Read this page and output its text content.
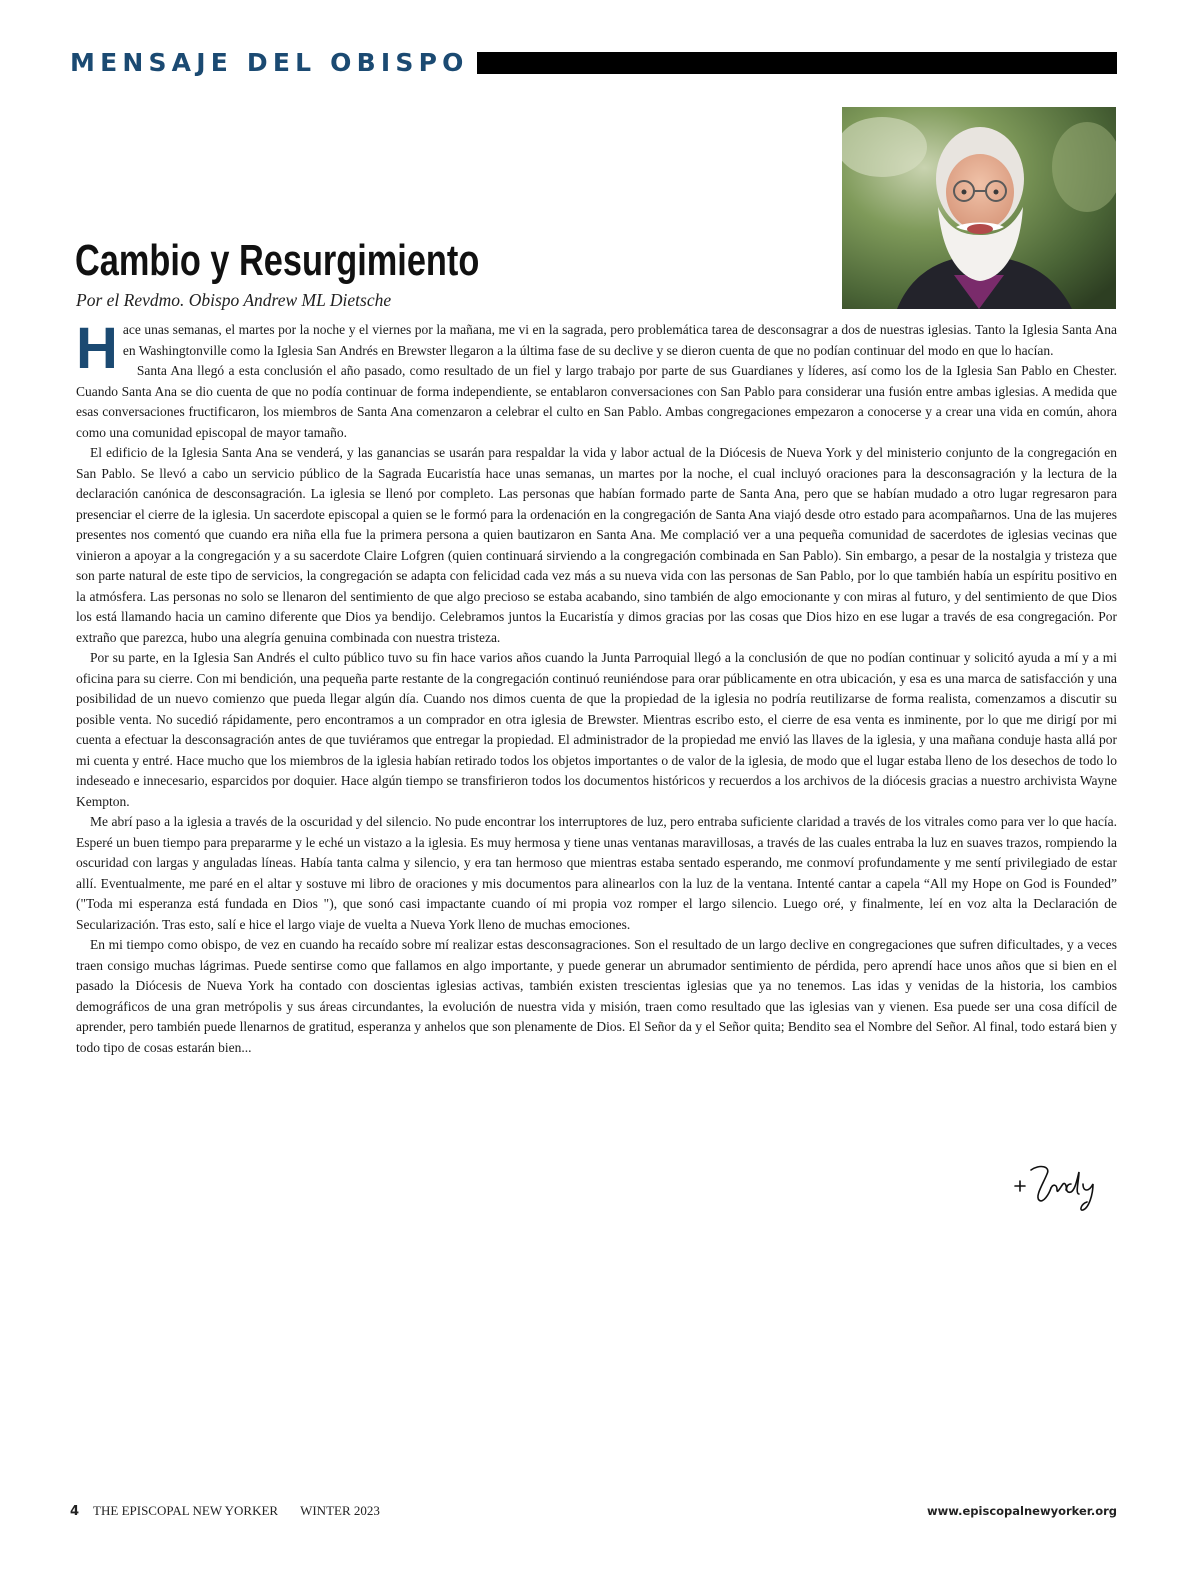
MENSAJE DEL OBISPO
Cambio y Resurgimiento
Por el Revdmo. Obispo Andrew ML Dietsche

Hace unas semanas, el martes por la noche y el viernes por la mañana, me vi en la sagrada, pero problemática tarea de desconsagrar a dos de nuestras iglesias. Tanto la Iglesia Santa Ana en Washingtonville como la Iglesia San Andrés en Brewster llegaron a la última fase de su declive y se dieron cuenta de que no podían continuar del modo en que lo hacían.

Santa Ana llegó a esta conclusión el año pasado, como resultado de un fiel y largo trabajo por parte de sus Guardianes y líderes, así como los de la Iglesia San Pablo en Chester. Cuando Santa Ana se dio cuenta de que no podía continuar de forma independiente, se entablaron conversaciones con San Pablo para considerar una fusión entre ambas iglesias. A medida que esas conversaciones fructificaron, los miembros de Santa Ana comenzaron a celebrar el culto en San Pablo. Ambas congregaciones empezaron a conocerse y a crear una vida en común, ahora como una comunidad episcopal de mayor tamaño.

El edificio de la Iglesia Santa Ana se venderá, y las ganancias se usarán para respaldar la vida y labor actual de la Diócesis de Nueva York y del ministerio conjunto de la congregación en San Pablo. Se llevó a cabo un servicio público de la Sagrada Eucaristía hace unas semanas, un martes por la noche, el cual incluyó oraciones para la desconsagración y la lectura de la declaración canónica de desconsagración. La iglesia se llenó por completo. Las personas que habían formado parte de Santa Ana, pero que se habían mudado a otro lugar regresaron para presenciar el cierre de la iglesia. Un sacerdote episcopal a quien se le formó para la ordenación en la congregación de Santa Ana viajó desde otro estado para acompañarnos. Una de las mujeres presentes nos comentó que cuando era niña ella fue la primera persona a quien bautizaron en Santa Ana. Me complació ver a una pequeña comunidad de sacerdotes de iglesias vecinas que vinieron a apoyar a la congregación y a su sacerdote Claire Lofgren (quien continuará sirviendo a la congregación combinada en San Pablo). Sin embargo, a pesar de la nostalgia y tristeza que son parte natural de este tipo de servicios, la congregación se adapta con felicidad cada vez más a su nueva vida con las personas de San Pablo, por lo que también había un espíritu positivo en la atmósfera. Las personas no solo se llenaron del sentimiento de que algo precioso se estaba acabando, sino también de algo emocionante y con miras al futuro, y del sentimiento de que Dios los está llamando hacia un camino diferente que Dios ya bendijo. Celebramos juntos la Eucaristía y dimos gracias por las cosas que Dios hizo en ese lugar a través de esa congregación. Por extraño que parezca, hubo una alegría genuina combinada con nuestra tristeza.

Por su parte, en la Iglesia San Andrés el culto público tuvo su fin hace varios años cuando la Junta Parroquial llegó a la conclusión de que no podían continuar y solicitó ayuda a mí y a mi oficina para su cierre. Con mi bendición, una pequeña parte restante de la congregación continuó reuniéndose para orar públicamente en otra ubicación, y esa es una marca de satisfacción y una posibilidad de un nuevo comienzo que pueda llegar algún día. Cuando nos dimos cuenta de que la propiedad de la iglesia no podría reutilizarse de forma realista, comenzamos a discutir su posible venta. No sucedió rápidamente, pero encontramos a un comprador en otra iglesia de Brewster. Mientras escribo esto, el cierre de esa venta es inminente, por lo que me dirigí por mi cuenta a efectuar la desconsagración antes de que tuviéramos que entregar la propiedad. El administrador de la propiedad me envió las llaves de la iglesia, y una mañana conduje hasta allá por mi cuenta y entré. Hace mucho que los miembros de la iglesia habían retirado todos los objetos importantes o de valor de la iglesia, de modo que el lugar estaba lleno de los desechos de todo lo indeseado e innecesario, esparcidos por doquier. Hace algún tiempo se transfirieron todos los documentos históricos y recuerdos a los archivos de la diócesis gracias a nuestro archivista Wayne Kempton.

Me abrí paso a la iglesia a través de la oscuridad y del silencio. No pude encontrar los interruptores de luz, pero entraba suficiente claridad a través de los vitrales como para ver lo que hacía. Esperé un buen tiempo para prepararme y le eché un vistazo a la iglesia. Es muy hermosa y tiene unas ventanas maravillosas, a través de las cuales entraba la luz en suaves trazos, rompiendo la oscuridad con largas y anguladas líneas. Había tanta calma y silencio, y era tan hermoso que mientras estaba sentado esperando, me conmoví profundamente y me sentí privilegiado de estar allí. Eventualmente, me paré en el altar y sostuve mi libro de oraciones y mis documentos para alinearlos con la luz de la ventana. Intenté cantar a capela “All my Hope on God is Founded” ("Toda mi esperanza está fundada en Dios "), que sonó casi impactante cuando oí mi propia voz romper el largo silencio. Luego oré, y finalmente, leí en voz alta la Declaración de Secularización. Tras esto, salí e hice el largo viaje de vuelta a Nueva York lleno de muchas emociones.

En mi tiempo como obispo, de vez en cuando ha recaído sobre mí realizar estas desconsagraciones. Son el resultado de un largo declive en congregaciones que sufren dificultades, y a veces traen consigo muchas lágrimas. Puede sentirse como que fallamos en algo importante, y puede generar un abrumador sentimiento de pérdida, pero aprendí hace unos años que si bien en el pasado la Diócesis de Nueva York ha contado con doscientas iglesias activas, también existen trescientas iglesias que ya no tenemos. Las idas y venidas de la historia, los cambios demográficos de una gran metrópolis y sus áreas circundantes, la evolución de nuestra vida y misión, traen como resultado que las iglesias van y vienen. Esa puede ser una cosa difícil de aprender, pero también puede llenarnos de gratitud, esperanza y anhelos que son plenamente de Dios. El Señor da y el Señor quita; Bendito sea el Nombre del Señor. Al final, todo estará bien y todo tipo de cosas estarán bien...

4 THE EPISCOPAL NEW YORKER WINTER 2023	www.episcopalnewyorker.org
